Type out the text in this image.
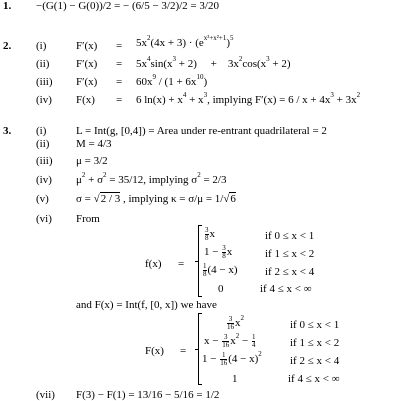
1. −(G(1) − G(0))/2 = − (6/5 − 3/2)/2 = 3/20
2. (i)	$F'(x) = 5x^2(4x + 3) \cdot (e^{x^3+x^2+1})^5$
(ii) $F'(x) = 5x^4\sin(x^3 + 2) + 3x^2\cos(x^3 + 2)$
(iii) $F'(x) = 60x^9 / (1 + 6x^{10})$
(iv) F(x) = 6 $\ln(x) + x^4 + x^3$, implying $F'(x) = 6 / x + 4x^3 + 3x^2$
3. (i)	L = Int(g, [0,4]) = Area under re-entrant quadrilateral = 2
(ii) M = 4/3
(iii) μ = 3/2
(iv) $\mu^2 + \sigma^2 = 35/12$, implying $\sigma^2 = 2/3$
(v) σ = √2 / 3 , implying κ = σ/μ = 1/√6
(vi) From
f(x) =
$\frac{3}{8}$ x	if 0 ≤ x < 1
$1 - \frac{3}{8}$ x	if 1 ≤ x < 2
$\frac{1}{8} (4 - x)$ if 2 ≤ x < 4
0	if 4 ≤ x < ∞
and F(x) = Int(f, [0, x]) we have
F(x) =
$\frac{3}{16} x^2$
if 0 ≤ x < 1
$x - \frac{3}{16} x^2 - \frac{1}{4}$	if 1 ≤ x < 2
$1 - \frac{1}{16} (4 - x)^2$
if 2 ≤ x < 4
1	if 4 ≤ x < ∞
(vii) F(3) − F(1) = 13/16 − 5/16 = 1/2
